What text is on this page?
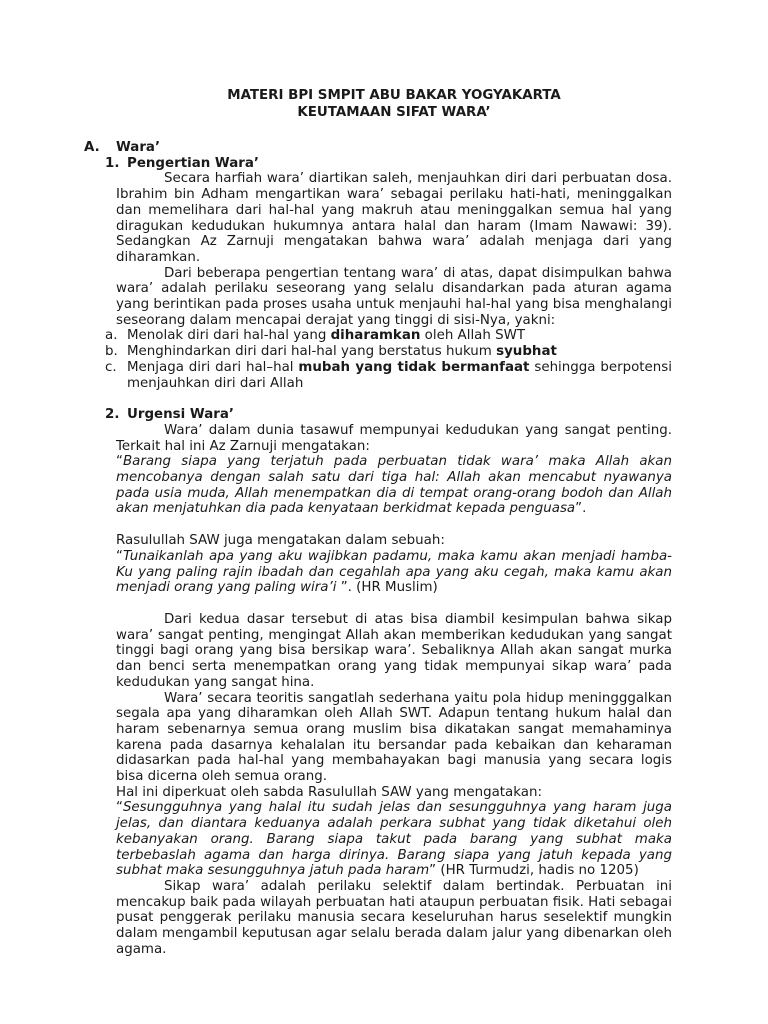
MATERI BPI SMPIT ABU BAKAR YOGYAKARTA
KEUTAMAAN SIFAT WARA’
A.	Wara’
1. Pengertian Wara’

Secara harfiah wara’ diartikan saleh, menjauhkan diri dari perbuatan dosa. Ibrahim bin Adham mengartikan wara’ sebagai perilaku hati-hati, meninggalkan dan memelihara dari hal-hal yang makruh atau meninggalkan semua hal yang diragukan kedudukan hukumnya antara halal dan haram (Imam Nawawi: 39). Sedangkan Az Zarnuji mengatakan bahwa wara’ adalah menjaga dari yang diharamkan.

Dari beberapa pengertian tentang wara’ di atas, dapat disimpulkan bahwa wara’ adalah perilaku seseorang yang selalu disandarkan pada aturan agama yang berintikan pada proses usaha untuk menjauhi hal-hal yang bisa menghalangi seseorang dalam mencapai derajat yang tinggi di sisi-Nya, yakni:

a. Menolak diri dari hal-hal yang diharamkan oleh Allah SWT
b. Menghindarkan diri dari hal-hal yang berstatus hukum syubhat
c. Menjaga diri dari hal–hal mubah yang tidak bermanfaat sehingga berpotensi menjauhkan diri dari Allah
2. Urgensi Wara’

Wara’ dalam dunia tasawuf mempunyai kedudukan yang sangat penting. Terkait hal ini Az Zarnuji mengatakan:

“Barang siapa yang terjatuh pada perbuatan tidak wara’ maka Allah akan mencobanya dengan salah satu dari tiga hal: Allah akan mencabut nyawanya pada usia muda, Allah menempatkan dia di tempat orang-orang bodoh dan Allah akan menjatuhkan dia pada kenyataan berkidmat kepada penguasa”.

Rasulullah SAW juga mengatakan dalam sebuah:

“Tunaikanlah apa yang aku wajibkan padamu, maka kamu akan menjadi hamba-Ku yang paling rajin ibadah dan cegahlah apa yang aku cegah, maka kamu akan menjadi orang yang paling wira’i ”. (HR Muslim)

Dari kedua dasar tersebut di atas bisa diambil kesimpulan bahwa sikap wara’ sangat penting, mengingat Allah akan memberikan kedudukan yang sangat tinggi bagi orang yang bisa bersikap wara’. Sebaliknya Allah akan sangat murka dan benci serta menempatkan orang yang tidak mempunyai sikap wara’ pada kedudukan yang sangat hina.

Wara’ secara teoritis sangatlah sederhana yaitu pola hidup meningggalkan segala apa yang diharamkan oleh Allah SWT. Adapun tentang hukum halal dan haram sebenarnya semua orang muslim bisa dikatakan sangat memahaminya karena pada dasarnya kehalalan itu bersandar pada kebaikan dan keharaman didasarkan pada hal-hal yang membahayakan bagi manusia yang secara logis bisa dicerna oleh semua orang.

Hal ini diperkuat oleh sabda Rasulullah SAW yang mengatakan:

“Sesungguhnya yang halal itu sudah jelas dan sesungguhnya yang haram juga jelas, dan diantara keduanya adalah perkara subhat yang tidak diketahui oleh kebanyakan orang. Barang siapa takut pada barang yang subhat maka terbebaslah agama dan harga dirinya. Barang siapa yang jatuh kepada yang subhat maka sesungguhnya jatuh pada haram” (HR Turmudzi, hadis no 1205)

Sikap wara’ adalah perilaku selektif dalam bertindak. Perbuatan ini mencakup baik pada wilayah perbuatan hati ataupun perbuatan fisik. Hati sebagai pusat penggerak perilaku manusia secara keseluruhan harus seselektif mungkin dalam mengambil keputusan agar selalu berada dalam jalur yang dibenarkan oleh agama.
